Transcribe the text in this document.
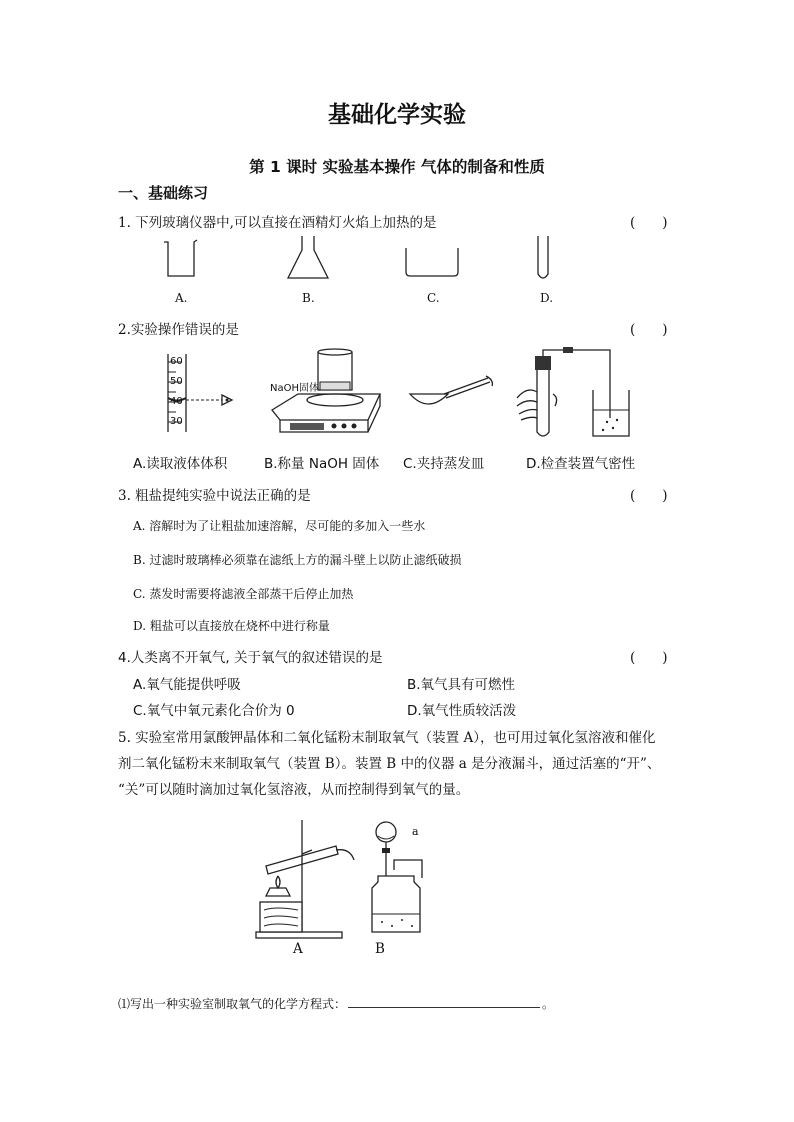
基础化学实验
第 1 课时 实验基本操作 气体的制备和性质
一、基础练习
1. 下列玻璃仪器中,可以直接在酒精灯火焰上加热的是	(　　)
A.	B.	C.	D.
2.实验操作错误的是	(　　)
60
50
40
30
NaOH固体
A.读取液体体积	B.称量 NaOH 固体 C.夹持蒸发皿	D.检查装置气密性
3. 粗盐提纯实验中说法正确的是	(　　)
A. 溶解时为了让粗盐加速溶解，尽可能的多加入一些水
B. 过滤时玻璃棒必须靠在滤纸上方的漏斗壁上以防止滤纸破损
C. 蒸发时需要将滤液全部蒸干后停止加热
D. 粗盐可以直接放在烧杯中进行称量
4.人类离不开氧气, 关于氧气的叙述错误的是	(　　)
A.氧气能提供呼吸	B.氧气具有可燃性
C.氧气中氧元素化合价为 0	D.氧气性质较活泼
5. 实验室常用氯酸钾晶体和二氧化锰粉末制取氧气（装置 A），也可用过氧化氢溶液和催化
剂二氧化锰粉末来制取氧气（装置 B）。装置 B 中的仪器 a 是分液漏斗，通过活塞的“开”、
“关”可以随时滴加过氧化氢溶液，从而控制得到氧气的量。
A
a
B
⑴写出一种实验室制取氧气的化学方程式：	。
